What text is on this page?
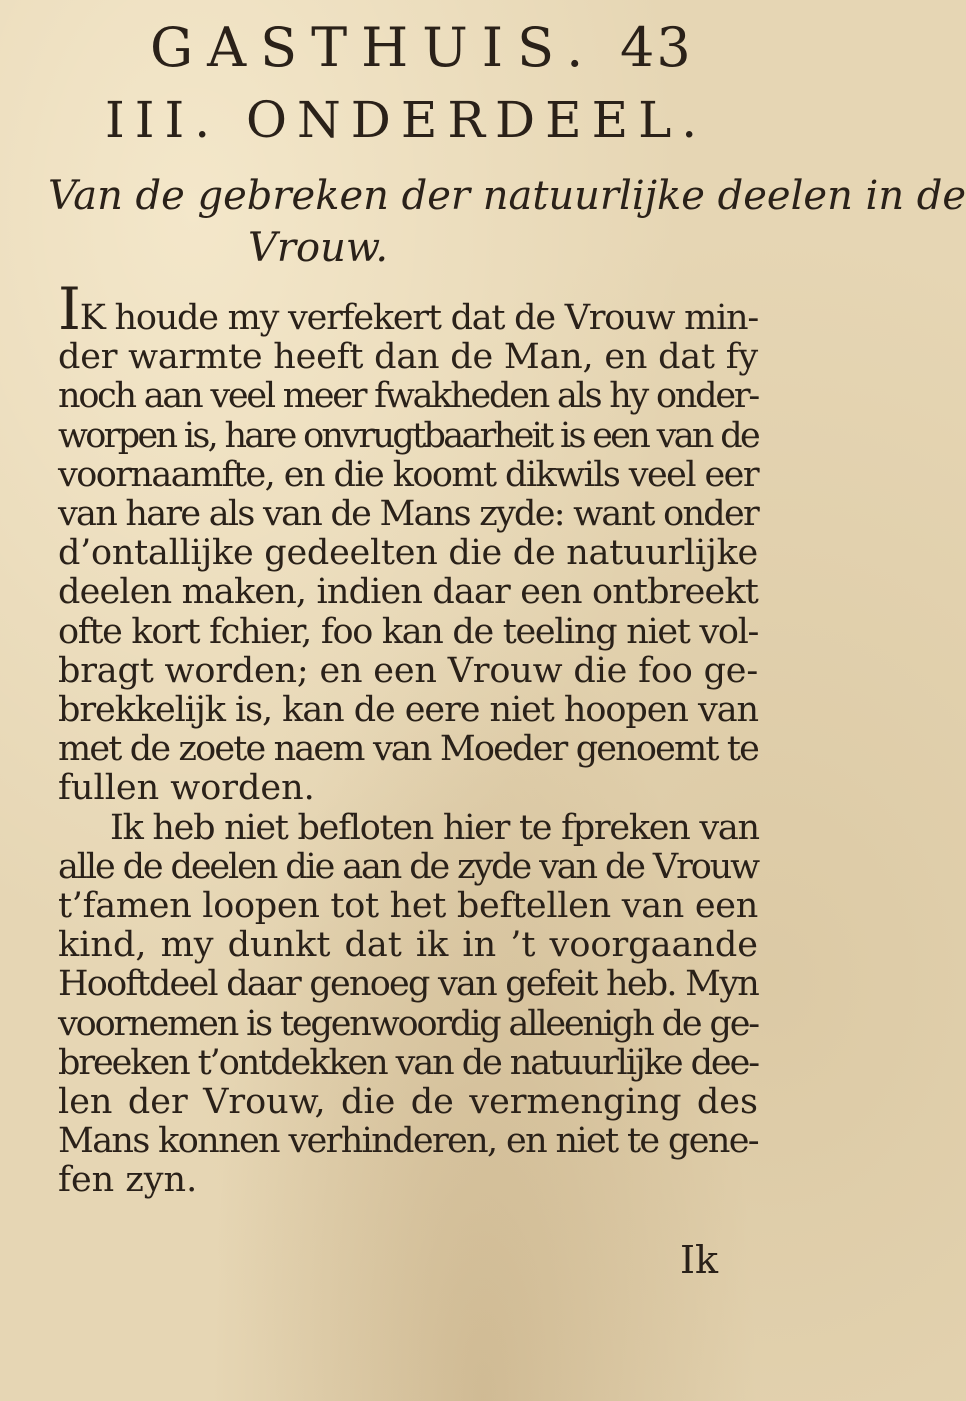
GASTHUIS. 43
III. ONDERDEEL.
Van de gebreken der natuurlijke deelen in de
Vrouw.
IK houde my verfekert dat de Vrouw min-
der warmte heeft dan de Man, en dat fy
noch aan veel meer fwakheden als hy onder-
worpen is, hare onvrugtbaarheit is een van de
voornaamfte, en die koomt dikwils veel eer
van hare als van de Mans zyde: want onder
d’ontallijke gedeelten die de natuurlijke
deelen maken, indien daar een ontbreekt
ofte kort fchier, foo kan de teeling niet vol-
bragt worden; en een Vrouw die foo ge-
brekkelijk is, kan de eere niet hoopen van
met de zoete naem van Moeder genoemt te
fullen worden.
Ik heb niet befloten hier te fpreken van
alle de deelen die aan de zyde van de Vrouw
t’famen loopen tot het beftellen van een
kind, my dunkt dat ik in ’t voorgaande
Hooftdeel daar genoeg van gefeit heb. Myn
voornemen is tegenwoordig alleenigh de ge-
breeken t’ontdekken van de natuurlijke dee-
len der Vrouw, die de vermenging des
Mans konnen verhinderen, en niet te gene-
fen zyn.
Ik
